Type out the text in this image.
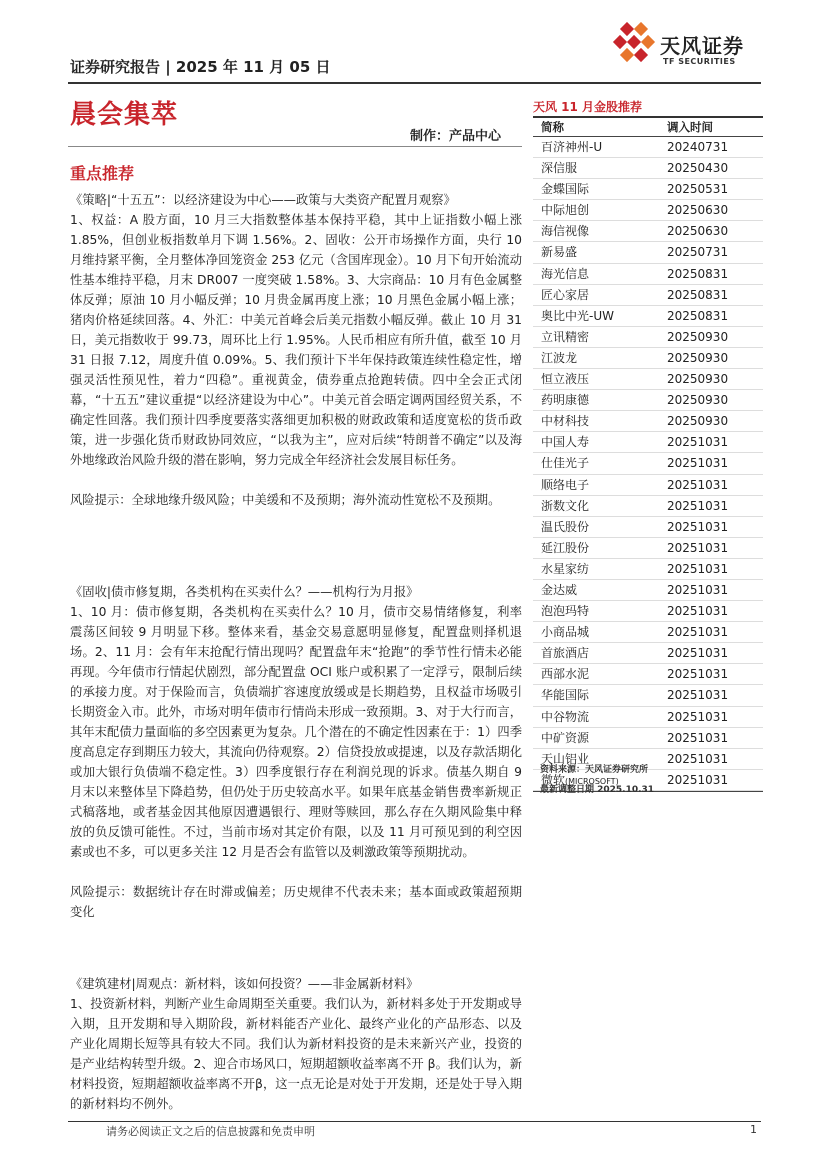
证券研究报告 | 2025 年 11 月 05 日
天风证券
TF SECURITIES
晨会集萃
制作：产品中心
重点推荐

《策略|“十五五”：以经济建设为中心——政策与大类资产配置月观察》

1、权益：A 股方面，10 月三大指数整体基本保持平稳，其中上证指数小幅上涨 1.85%，但创业板指数单月下调 1.56%。2、固收：公开市场操作方面，央行 10 月维持紧平衡，全月整体净回笼资金 253 亿元（含国库现金）。10 月下旬开始流动性基本维持平稳，月末 DR007 一度突破 1.58%。3、大宗商品：10 月有色金属整体反弹；原油 10 月小幅反弹；10 月贵金属再度上涨；10 月黑色金属小幅上涨；猪肉价格延续回落。4、外汇：中美元首峰会后美元指数小幅反弹。截止 10 月 31 日，美元指数收于 99.73，周环比上行 1.95%。人民币相应有所升值，截至 10 月 31 日报 7.12，周度升值 0.09%。5、我们预计下半年保持政策连续性稳定性，增强灵活性预见性，着力“四稳”。重视黄金，债券重点抢跑转债。四中全会正式闭幕，“十五五”建议重提“以经济建设为中心”。中美元首会晤定调两国经贸关系，不确定性回落。我们预计四季度要落实落细更加积极的财政政策和适度宽松的货币政策，进一步强化货币财政协同效应，“以我为主”，应对后续“特朗普不确定”以及海外地缘政治风险升级的潜在影响，努力完成全年经济社会发展目标任务。

风险提示：全球地缘升级风险；中美缓和不及预期；海外流动性宽松不及预期。

《固收|债市修复期，各类机构在买卖什么？——机构行为月报》

1、10 月：债市修复期，各类机构在买卖什么？10 月，债市交易情绪修复，利率震荡区间较 9 月明显下移。整体来看，基金交易意愿明显修复，配置盘则择机退场。2、11 月：会有年末抢配行情出现吗？配置盘年末“抢跑”的季节性行情未必能再现。今年债市行情起伏剧烈，部分配置盘 OCI 账户或积累了一定浮亏，限制后续的承接力度。对于保险而言，负债端扩容速度放缓或是长期趋势，且权益市场吸引长期资金入市。此外，市场对明年债市行情尚未形成一致预期。3、对于大行而言，其年末配债力量面临的多空因素更为复杂。几个潜在的不确定性因素在于：1）四季度高息定存到期压力较大，其流向仍待观察。2）信贷投放或提速，以及存款活期化或加大银行负债端不稳定性。3）四季度银行存在利润兑现的诉求。债基久期自 9 月末以来整体呈下降趋势，但仍处于历史较高水平。如果年底基金销售费率新规正式稿落地，或者基金因其他原因遭遇银行、理财等赎回，那么存在久期风险集中释放的负反馈可能性。不过，当前市场对其定价有限，以及 11 月可预见到的利空因素或也不多，可以更多关注 12 月是否会有监管以及刺激政策等预期扰动。

风险提示：数据统计存在时滞或偏差；历史规律不代表未来；基本面或政策超预期变化

《建筑建材|周观点：新材料，该如何投资？——非金属新材料》

1、投资新材料，判断产业生命周期至关重要。我们认为，新材料多处于开发期或导入期，且开发期和导入期阶段，新材料能否产业化、最终产业化的产品形态、以及产业化周期长短等具有较大不同。我们认为新材料投资的是未来新兴产业，投资的是产业结构转型升级。2、迎合市场风口，短期超额收益率离不开 β。我们认为，新材料投资，短期超额收益率离不开β，这一点无论是对处于开发期，还是处于导入期的新材料均不例外。

天风 11 月金股推荐
简称	调入时间
百济神州-U	20240731
深信服	20250430
金蝶国际	20250531
中际旭创	20250630
海信视像	20250630
新易盛	20250731
海光信息	20250831
匠心家居	20250831
奥比中光-UW	20250831
立讯精密	20250930
江波龙	20250930
恒立液压	20250930
药明康德	20250930
中材科技	20250930
中国人寿	20251031
仕佳光子	20251031
顺络电子	20251031
浙数文化	20251031
温氏股份	20251031
延江股份	20251031
水星家纺	20251031
金达威	20251031
泡泡玛特	20251031
小商品城	20251031
首旅酒店	20251031
西部水泥	20251031
华能国际	20251031
中谷物流	20251031
中矿资源	20251031
天山铝业	20251031
微软(MICROSOFT)	20251031
资料来源：天风证券研究所
最新调整日期 2025.10.31
请务必阅读正文之后的信息披露和免责申明	1
